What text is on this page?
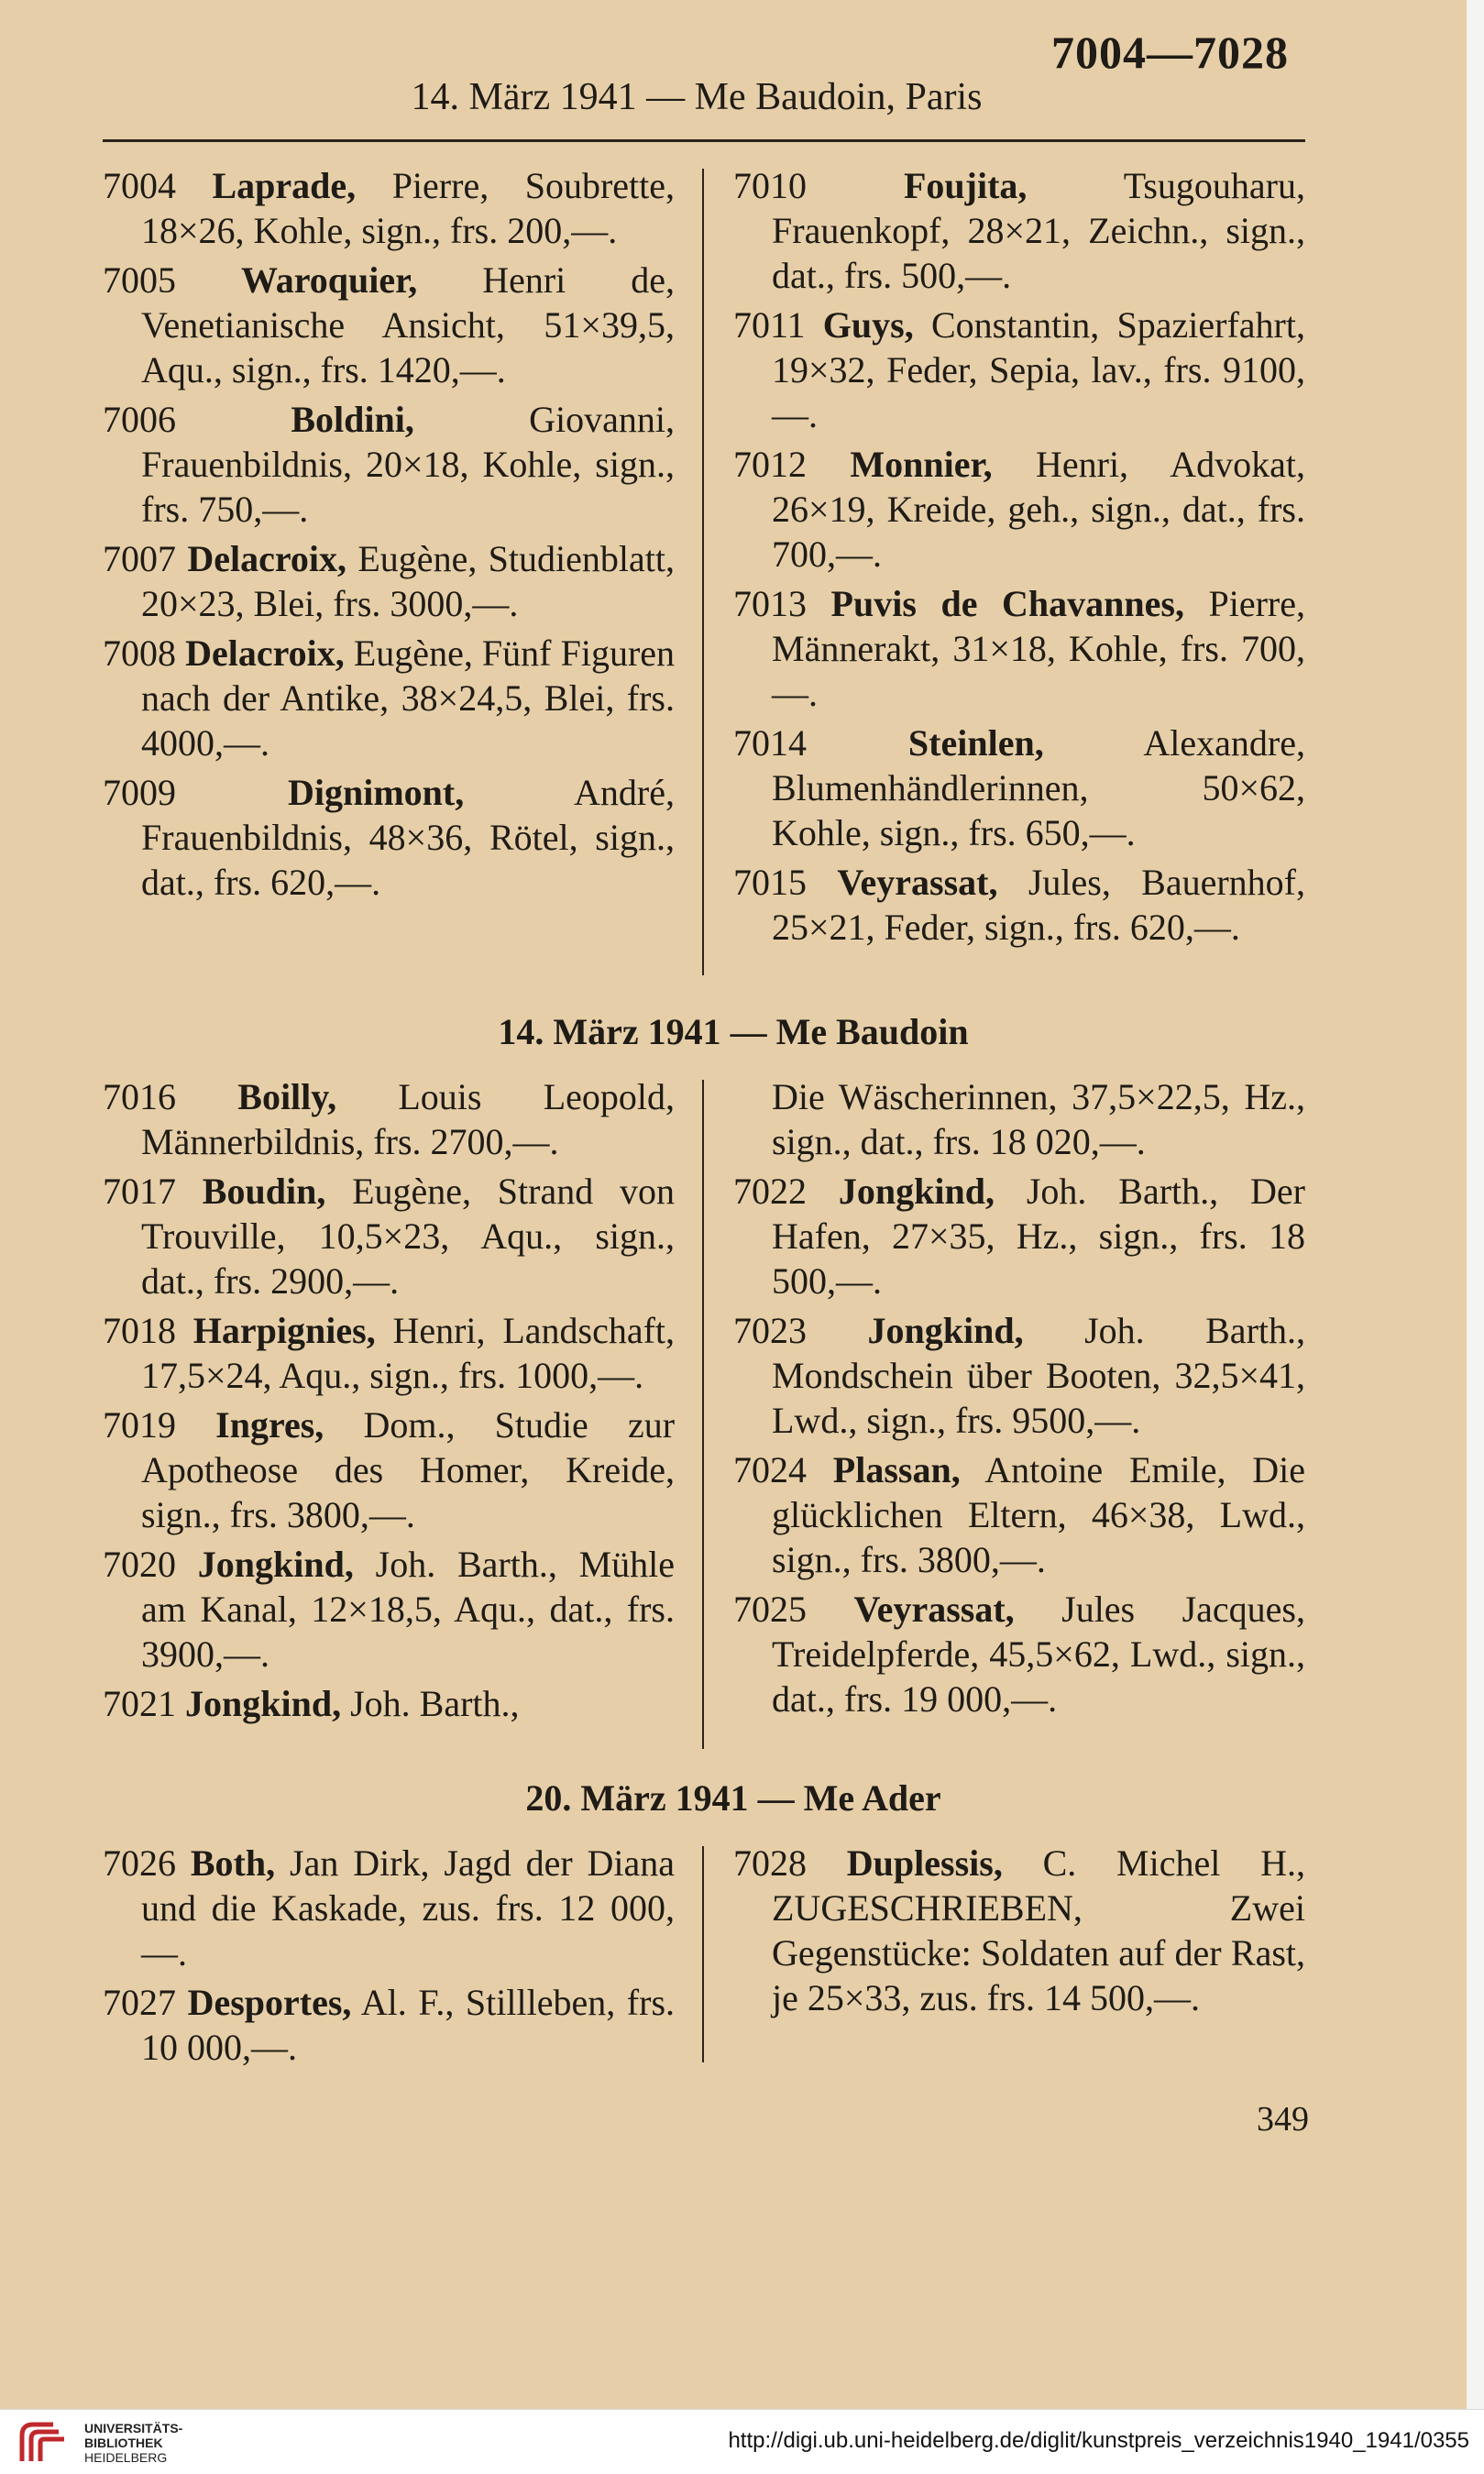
7004—7028
14. März 1941 — Me Baudoin, Paris

7004 Laprade, Pierre, Soubrette, 18×26, Kohle, sign., frs. 200,—.

7005 Waroquier, Henri de, Venetianische Ansicht, 51×39,5, Aqu., sign., frs. 1420,—.

7006	Boldini,	Giovanni, Frauenbildnis, 20×18, Kohle, sign., frs. 750,—.

7007 Delacroix, Eugène, Studienblatt, 20×23, Blei, frs. 3000,—.

7008 Delacroix, Eugène, Fünf Figuren nach der Antike, 38×24,5, Blei, frs. 4000,—.

7009	Dignimont,	André, Frauenbildnis, 48×36, Rötel, sign., dat., frs. 620,—.

7010	Foujita,	Tsugouharu, Frauenkopf, 28×21, Zeichn., sign., dat., frs. 500,—.

7011 Guys, Constantin, Spazierfahrt, 19×32, Feder, Sepia, lav., frs. 9100,—.

7012 Monnier, Henri, Advokat, 26×19, Kreide, geh., sign., dat., frs. 700,—.

7013 Puvis de Chavannes, Pierre, Männerakt, 31×18, Kohle, frs. 700,—.

7014	Steinlen,	Alexandre, Blumenhändlerinnen, 50×62, Kohle, sign., frs. 650,—.

7015 Veyrassat, Jules, Bauernhof, 25×21, Feder, sign., frs. 620,—.

14. März 1941 — Me Baudoin

7016 Boilly, Louis Leopold, Männerbildnis, frs. 2700,—.

7017 Boudin, Eugène, Strand von Trouville, 10,5×23, Aqu., sign., dat., frs. 2900,—.

7018 Harpignies, Henri, Landschaft, 17,5×24, Aqu., sign., frs. 1000,—.

7019 Ingres, Dom., Studie zur Apotheose des Homer, Kreide, sign., frs. 3800,—.

7020 Jongkind, Joh. Barth., Mühle am Kanal, 12×18,5, Aqu., dat., frs. 3900,—.

7021 Jongkind, Joh. Barth.,

Die Wäscherinnen, 37,5×22,5, Hz., sign., dat., frs. 18 020,—.

7022 Jongkind, Joh. Barth., Der Hafen, 27×35, Hz., sign., frs. 18 500,—.

7023 Jongkind, Joh. Barth., Mondschein über Booten, 32,5×41, Lwd., sign., frs. 9500,—.

7024 Plassan, Antoine Emile, Die glücklichen Eltern, 46×38, Lwd., sign., frs. 3800,—.

7025 Veyrassat, Jules Jacques, Treidelpferde, 45,5×62, Lwd., sign., dat., frs. 19 000,—.

20. März 1941 — Me Ader

7026 Both, Jan Dirk, Jagd der Diana und die Kaskade, zus. frs. 12 000,—.

7027 Desportes, Al. F., Stillleben, frs. 10 000,—.

7028 Duplessis, C. Michel H., ZUGESCHRIEBEN, Zwei Gegenstücke: Soldaten auf der Rast, je 25×33, zus. frs. 14 500,—.

349
UNIVERSITÄTS-
BIBLIOTHEK
HEIDELBERG
http://digi.ub.uni-heidelberg.de/diglit/kunstpreis_verzeichnis1940_1941/0355
